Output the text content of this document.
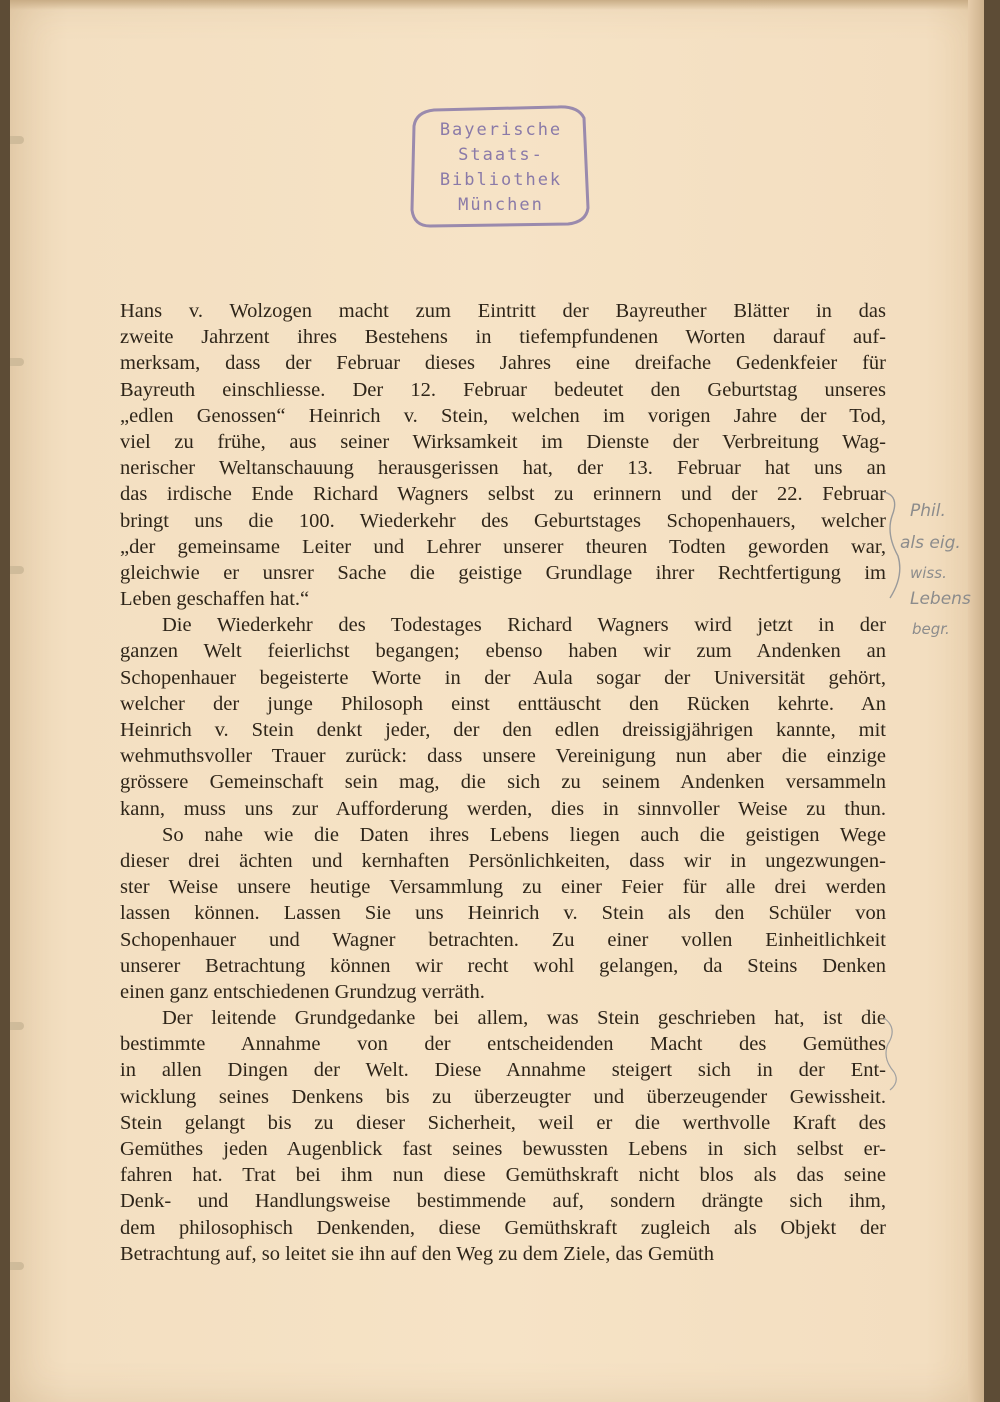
Bayerische
Staats-
Bibliothek
München
Hans v. Wolzogen macht zum Eintritt der Bayreuther Blätter in das
zweite Jahrzent ihres Bestehens in tiefempfundenen Worten darauf auf-
merksam, dass der Februar dieses Jahres eine dreifache Gedenkfeier für
Bayreuth einschliesse. Der 12. Februar bedeutet den Geburtstag unseres
„edlen Genossen“ Heinrich v. Stein, welchen im vorigen Jahre der Tod,
viel zu frühe, aus seiner Wirksamkeit im Dienste der Verbreitung Wag-
nerischer Weltanschauung herausgerissen hat, der 13. Februar hat uns an
das irdische Ende Richard Wagners selbst zu erinnern und der 22. Februar
bringt uns die 100. Wiederkehr des Geburtstages Schopenhauers, welcher
„der gemeinsame Leiter und Lehrer unserer theuren Todten geworden war,
gleichwie er unsrer Sache die geistige Grundlage ihrer Rechtfertigung im
Leben geschaffen hat.“
Die Wiederkehr des Todestages Richard Wagners wird jetzt in der
ganzen Welt feierlichst begangen; ebenso haben wir zum Andenken an
Schopenhauer begeisterte Worte in der Aula sogar der Universität gehört,
welcher der junge Philosoph einst enttäuscht den Rücken kehrte. An
Heinrich v. Stein denkt jeder, der den edlen dreissigjährigen kannte, mit
wehmuthsvoller Trauer zurück: dass unsere Vereinigung nun aber die einzige
grössere Gemeinschaft sein mag, die sich zu seinem Andenken versammeln
kann, muss uns zur Aufforderung werden, dies in sinnvoller Weise zu thun.
So nahe wie die Daten ihres Lebens liegen auch die geistigen Wege
dieser drei ächten und kernhaften Persönlichkeiten, dass wir in ungezwungen-
ster Weise unsere heutige Versammlung zu einer Feier für alle drei werden
lassen können. Lassen Sie uns Heinrich v. Stein als den Schüler von
Schopenhauer und Wagner betrachten. Zu einer vollen Einheitlichkeit
unserer Betrachtung können wir recht wohl gelangen, da Steins Denken
einen ganz entschiedenen Grundzug verräth.
Der leitende Grundgedanke bei allem, was Stein geschrieben hat, ist die
bestimmte Annahme von der entscheidenden Macht des Gemüthes
in allen Dingen der Welt. Diese Annahme steigert sich in der Ent-
wicklung seines Denkens bis zu überzeugter und überzeugender Gewissheit.
Stein gelangt bis zu dieser Sicherheit, weil er die werthvolle Kraft des
Gemüthes jeden Augenblick fast seines bewussten Lebens in sich selbst er-
fahren hat. Trat bei ihm nun diese Gemüthskraft nicht blos als das seine
Denk- und Handlungsweise bestimmende auf, sondern drängte sich ihm,
dem philosophisch Denkenden, diese Gemüthskraft zugleich als Objekt der
Betrachtung auf, so leitet sie ihn auf den Weg zu dem Ziele, das Gemüth
Phil.
als eig.
wiss.
Lebens
begr.
